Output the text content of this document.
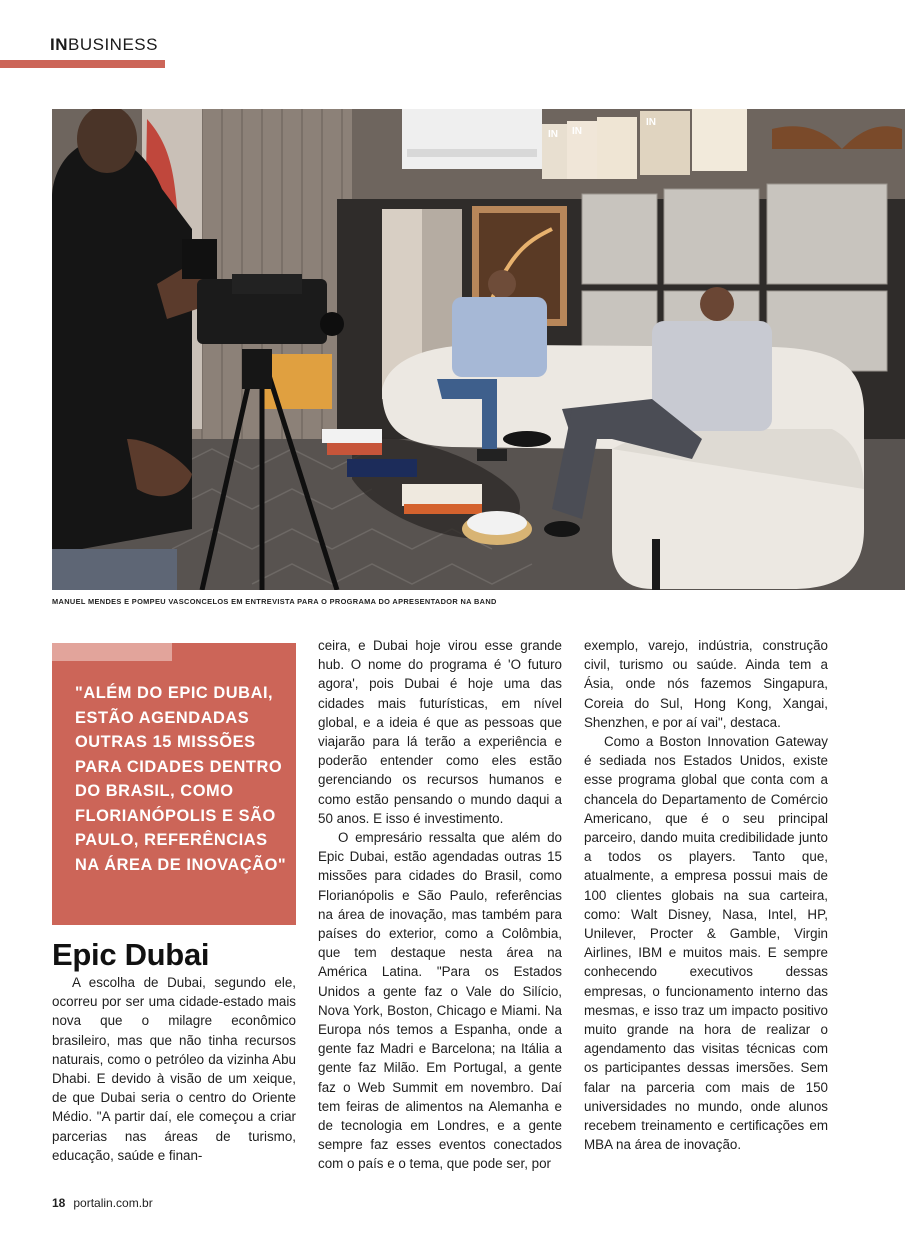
INBUSINESS
IN IN
IN
MANUEL MENDES E POMPEU VASCONCELOS EM ENTREVISTA PARA O PROGRAMA DO APRESENTADOR NA BAND
"ALÉM DO EPIC DUBAI, ESTÃO AGENDADAS OUTRAS 15 MISSÕES PARA CIDADES DENTRO DO BRASIL, COMO FLORIANÓPOLIS E SÃO PAULO, REFERÊNCIAS NA ÁREA DE INOVAÇÃO"
Epic Dubai

A escolha de Dubai, segundo ele, ocorreu por ser uma cidade-estado mais nova que o milagre econômico brasileiro, mas que não tinha recursos naturais, como o petróleo da vizinha Abu Dhabi. E devido à visão de um xeique, de que Dubai seria o centro do Oriente Médio. "A partir daí, ele começou a criar parcerias nas áreas de turismo, educação, saúde e finan-

ceira, e Dubai hoje virou esse grande hub. O nome do programa é 'O futuro agora', pois Dubai é hoje uma das cidades mais futurísticas, em nível global, e a ideia é que as pessoas que viajarão para lá terão a experiência e poderão entender como eles estão gerenciando os recursos humanos e como estão pensando o mundo daqui a 50 anos. E isso é investimento.

O empresário ressalta que além do Epic Dubai, estão agendadas outras 15 missões para cidades do Brasil, como Florianópolis e São Paulo, referências na área de inovação, mas também para países do exterior, como a Colômbia, que tem destaque nesta área na América Latina. "Para os Estados Unidos a gente faz o Vale do Silício, Nova York, Boston, Chicago e Miami. Na Europa nós temos a Espanha, onde a gente faz Madri e Barcelona; na Itália a gente faz Milão. Em Portugal, a gente faz o Web Summit em novembro. Daí tem feiras de alimentos na Alemanha e de tecnologia em Londres, e a gente sempre faz esses eventos conectados com o país e o tema, que pode ser, por

exemplo, varejo, indústria, construção civil, turismo ou saúde. Ainda tem a Ásia, onde nós fazemos Singapura, Coreia do Sul, Hong Kong, Xangai, Shenzhen, e por aí vai", destaca.

Como a Boston Innovation Gateway é sediada nos Estados Unidos, existe esse programa global que conta com a chancela do Departamento de Comércio Americano, que é o seu principal parceiro, dando muita credibilidade junto a todos os players. Tanto que, atualmente, a empresa possui mais de 100 clientes globais na sua carteira, como: Walt Disney, Nasa, Intel, HP, Unilever, Procter & Gamble, Virgin Airlines, IBM e muitos mais. E sempre conhecendo executivos dessas empresas, o funcionamento interno das mesmas, e isso traz um impacto positivo muito grande na hora de realizar o agendamento das visitas técnicas com os participantes dessas imersões. Sem falar na parceria com mais de 150 universidades no mundo, onde alunos recebem treinamento e certificações em MBA na área de inovação.

18 portalin.com.br
